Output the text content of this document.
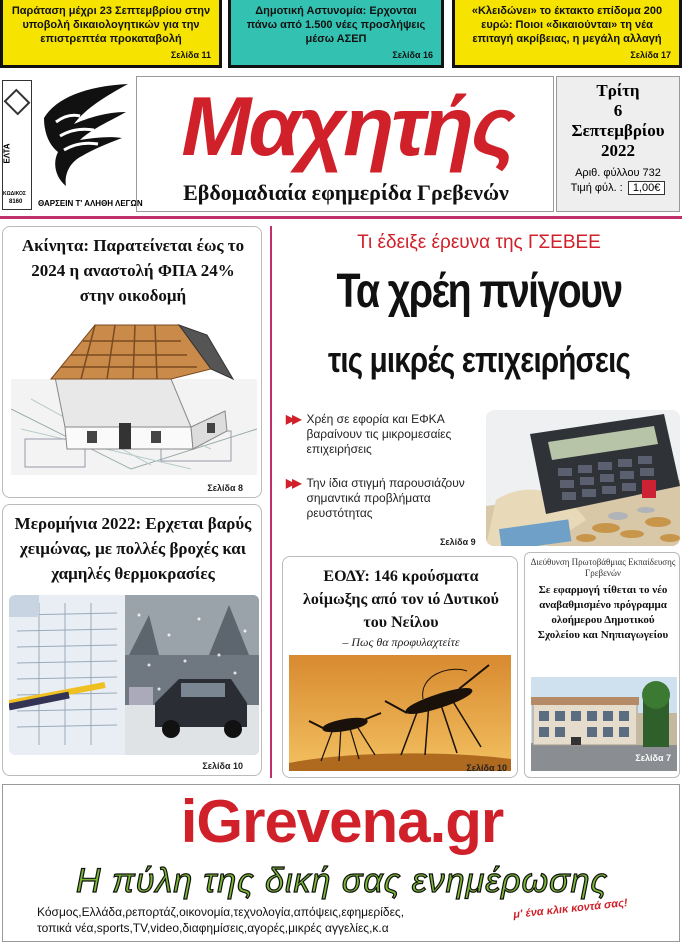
Παράταση μέχρι 23 Σεπτεμβρίου στην υποβολή δικαιολογητικών για την επιστρεπτέα προκαταβολή
Σελίδα 11
Δημοτική Αστυνομία: Ερχονται πάνω από 1.500 νέες προσλήψεις μέσω ΑΣΕΠ
Σελίδα 16
«Κλειδώνει» το έκτακτο επίδομα 200 ευρώ: Ποιοι «δικαιούνται» τη νέα επιταγή ακρίβειας, η μεγάλη αλλαγή
Σελίδα 17
ΕΛΤΑ
ΚΩΔΙΚΟΣ
8160 ΘΑΡΣΕΙΝ Τ' ΑΛΗΘΗ ΛΕΓΩΝ
Μαχητής
Εβδομαδιαία εφημερίδα Γρεβενών
Τρίτη
6
Σεπτεμβρίου
2022
Αριθ. φύλλου 732
Τιμή φύλ. : 1,00€
Ακίνητα: Παρατείνεται έως το 2024 η αναστολή ΦΠΑ 24% στην οικοδομή
Σελίδα 8
Μερομήνια 2022: Ερχεται βαρύς χειμώνας, με πολλές βροχές και χαμηλές θερμοκρασίες
Σελίδα 10
Τι έδειξε έρευνα της ΓΣΕΒΕΕ
Τα χρέη πνίγουν
τις μικρές επιχειρήσεις
▶▶ Χρέη σε εφορία και ΕΦΚΑ βαραίνουν τις μικρομεσαίες επιχειρήσεις
▶▶ Την ίδια στιγμή παρουσιάζουν σημαντικά προβλήματα ρευστότητας
Σελίδα 9
ΕΟΔΥ: 146 κρούσματα λοίμωξης από τον ιό Δυτικού του Νείλου
– Πως θα προφυλαχτείτε
Σελίδα 10
Διεύθυνση Πρωτοβάθμιας Εκπαίδευσης Γρεβενών
Σε εφαρμογή τίθεται το νέο αναβαθμισμένο πρόγραμμα ολοήμερου Δημοτικού Σχολείου και Νηπιαγωγείου
Σελίδα 7
iGrevena.gr
Η πύλη της δική σας ενημέρωσης
Κόσμος,Ελλάδα,ρεπορτάζ,οικονομία,τεχνολογία,απόψεις,εφημερίδες,
τοπικά νέα,sports,TV,video,διαφημίσεις,αγορές,μικρές αγγελίες,κ.α
μ' ένα κλικ κοντά σας!
